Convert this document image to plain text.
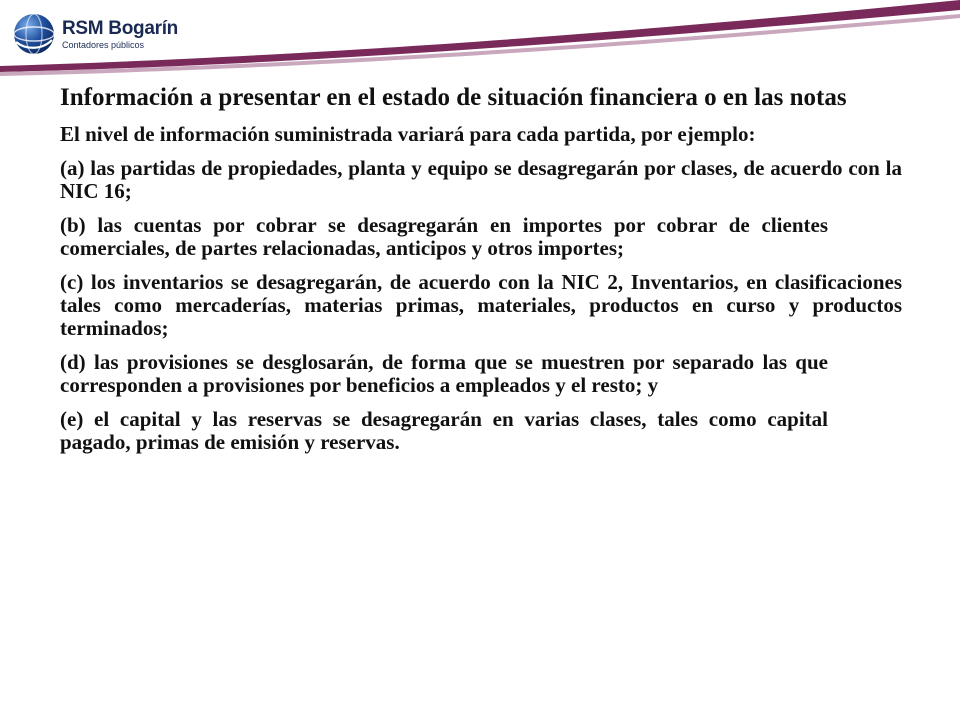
RSM Bogarín
Contadores públicos
Información a presentar en el estado de situación financiera o en las notas

El nivel de información suministrada variará para cada partida, por ejemplo:

(a) las partidas de propiedades, planta y equipo se desagregarán por clases, de acuerdo con la NIC 16;

(b) las cuentas por cobrar se desagregarán en importes por cobrar de clientes comerciales, de partes relacionadas, anticipos y otros importes;

(c) los inventarios se desagregarán, de acuerdo con la NIC 2, Inventarios, en clasificaciones tales como mercaderías, materias primas, materiales, productos en curso y productos terminados;

(d) las provisiones se desglosarán, de forma que se muestren por separado las que corresponden a provisiones por beneficios a empleados y el resto; y

(e) el capital y las reservas se desagregarán en varias clases, tales como capital pagado, primas de emisión y reservas.
